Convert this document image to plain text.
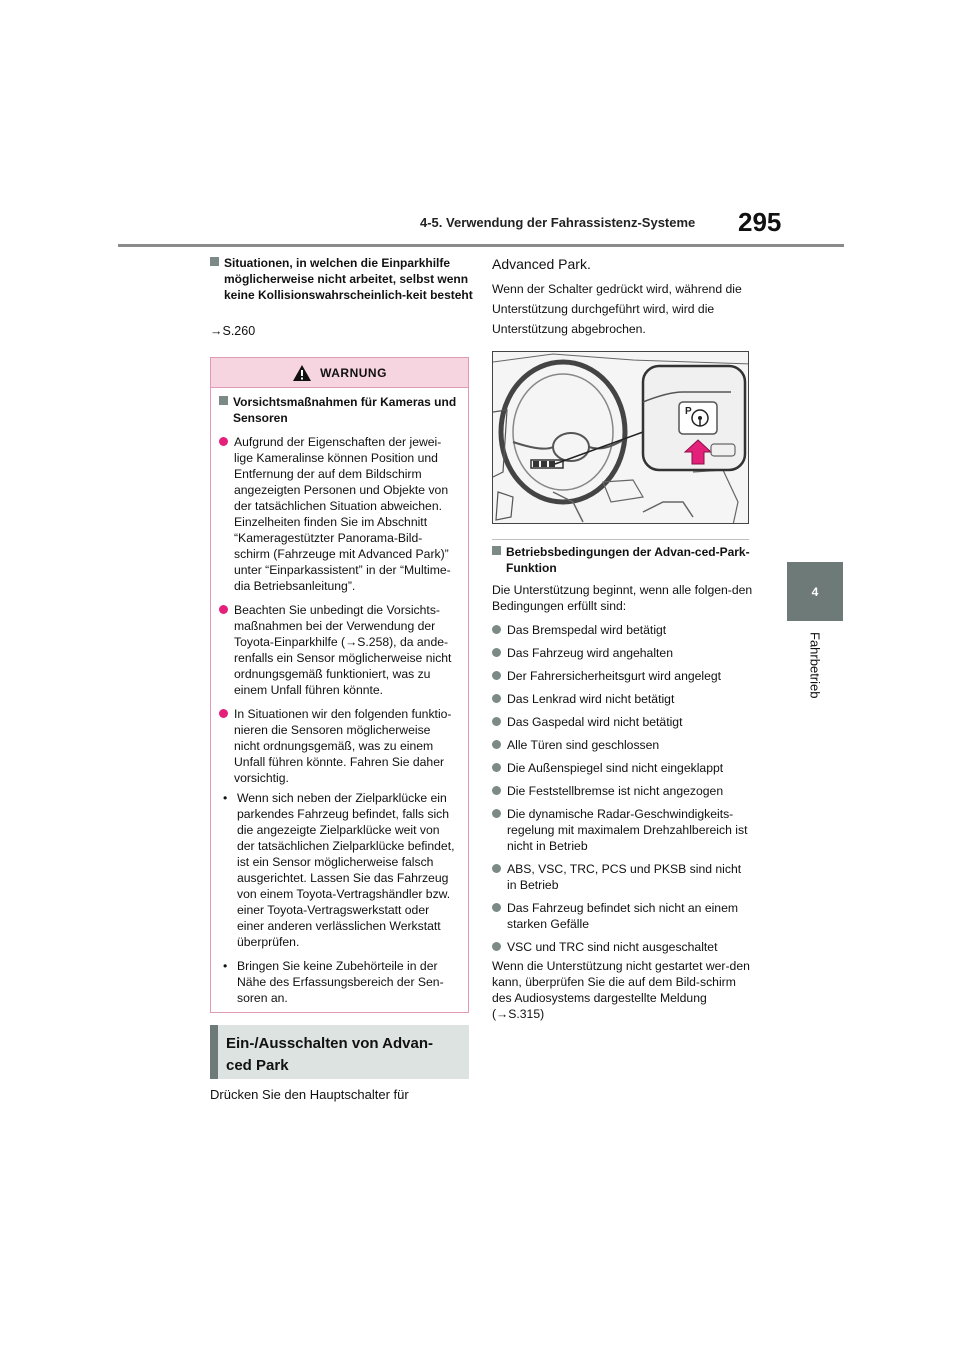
4-5. Verwendung der Fahrassistenz-Systeme 295
4
Fahrbetrieb
Situationen, in welchen die Einparkhilfe möglicherweise nicht arbeitet, selbst wenn keine Kollisionswahrscheinlich-keit besteht
→S.260
WARNUNG
Vorsichtsmaßnahmen für Kameras und Sensoren
Aufgrund der Eigenschaften der jewei-lige Kameralinse können Position und Entfernung der auf dem Bildschirm angezeigten Personen und Objekte von der tatsächlichen Situation abweichen. Einzelheiten finden Sie im Abschnitt “Kameragestützter Panorama-Bild-schirm (Fahrzeuge mit Advanced Park)” unter “Einparkassistent” in der “Multime-dia Betriebsanleitung”.
Beachten Sie unbedingt die Vorsichts-maßnahmen bei der Verwendung der Toyota-Einparkhilfe (→S.258), da ande-renfalls ein Sensor möglicherweise nicht ordnungsgemäß funktioniert, was zu einem Unfall führen könnte.
In Situationen wir den folgenden funktio-nieren die Sensoren möglicherweise nicht ordnungsgemäß, was zu einem Unfall führen könnte. Fahren Sie daher vorsichtig.
• Wenn sich neben der Zielparklücke ein parkendes Fahrzeug befindet, falls sich die angezeigte Zielparklücke weit von der tatsächlichen Zielparklücke befindet, ist ein Sensor möglicherweise falsch ausgerichtet. Lassen Sie das Fahrzeug von einem Toyota-Vertragshändler bzw. einer Toyota-Vertragswerkstatt oder einer anderen verlässlichen Werkstatt überprüfen.
• Bringen Sie keine Zubehörteile in der Nähe des Erfassungsbereich der Sen-soren an.
Ein-/Ausschalten von Advan-
ced Park
Drücken Sie den Hauptschalter für
Advanced Park.
Wenn der Schalter gedrückt wird, während die Unterstützung durchgeführt wird, wird die Unterstützung abgebrochen.
P
Betriebsbedingungen der Advan-ced-Park-Funktion
Die Unterstützung beginnt, wenn alle folgen-den Bedingungen erfüllt sind:
Das Bremspedal wird betätigt
Das Fahrzeug wird angehalten
Der Fahrersicherheitsgurt wird angelegt
Das Lenkrad wird nicht betätigt
Das Gaspedal wird nicht betätigt
Alle Türen sind geschlossen
Die Außenspiegel sind nicht eingeklappt
Die Feststellbremse ist nicht angezogen
Die dynamische Radar-Geschwindigkeits-regelung mit maximalem Drehzahlbereich ist nicht in Betrieb
ABS, VSC, TRC, PCS und PKSB sind nicht in Betrieb
Das Fahrzeug befindet sich nicht an einem starken Gefälle
VSC und TRC sind nicht ausgeschaltet
Wenn die Unterstützung nicht gestartet wer-den kann, überprüfen Sie die auf dem Bild-schirm des Audiosystems dargestellte Meldung (→S.315)
